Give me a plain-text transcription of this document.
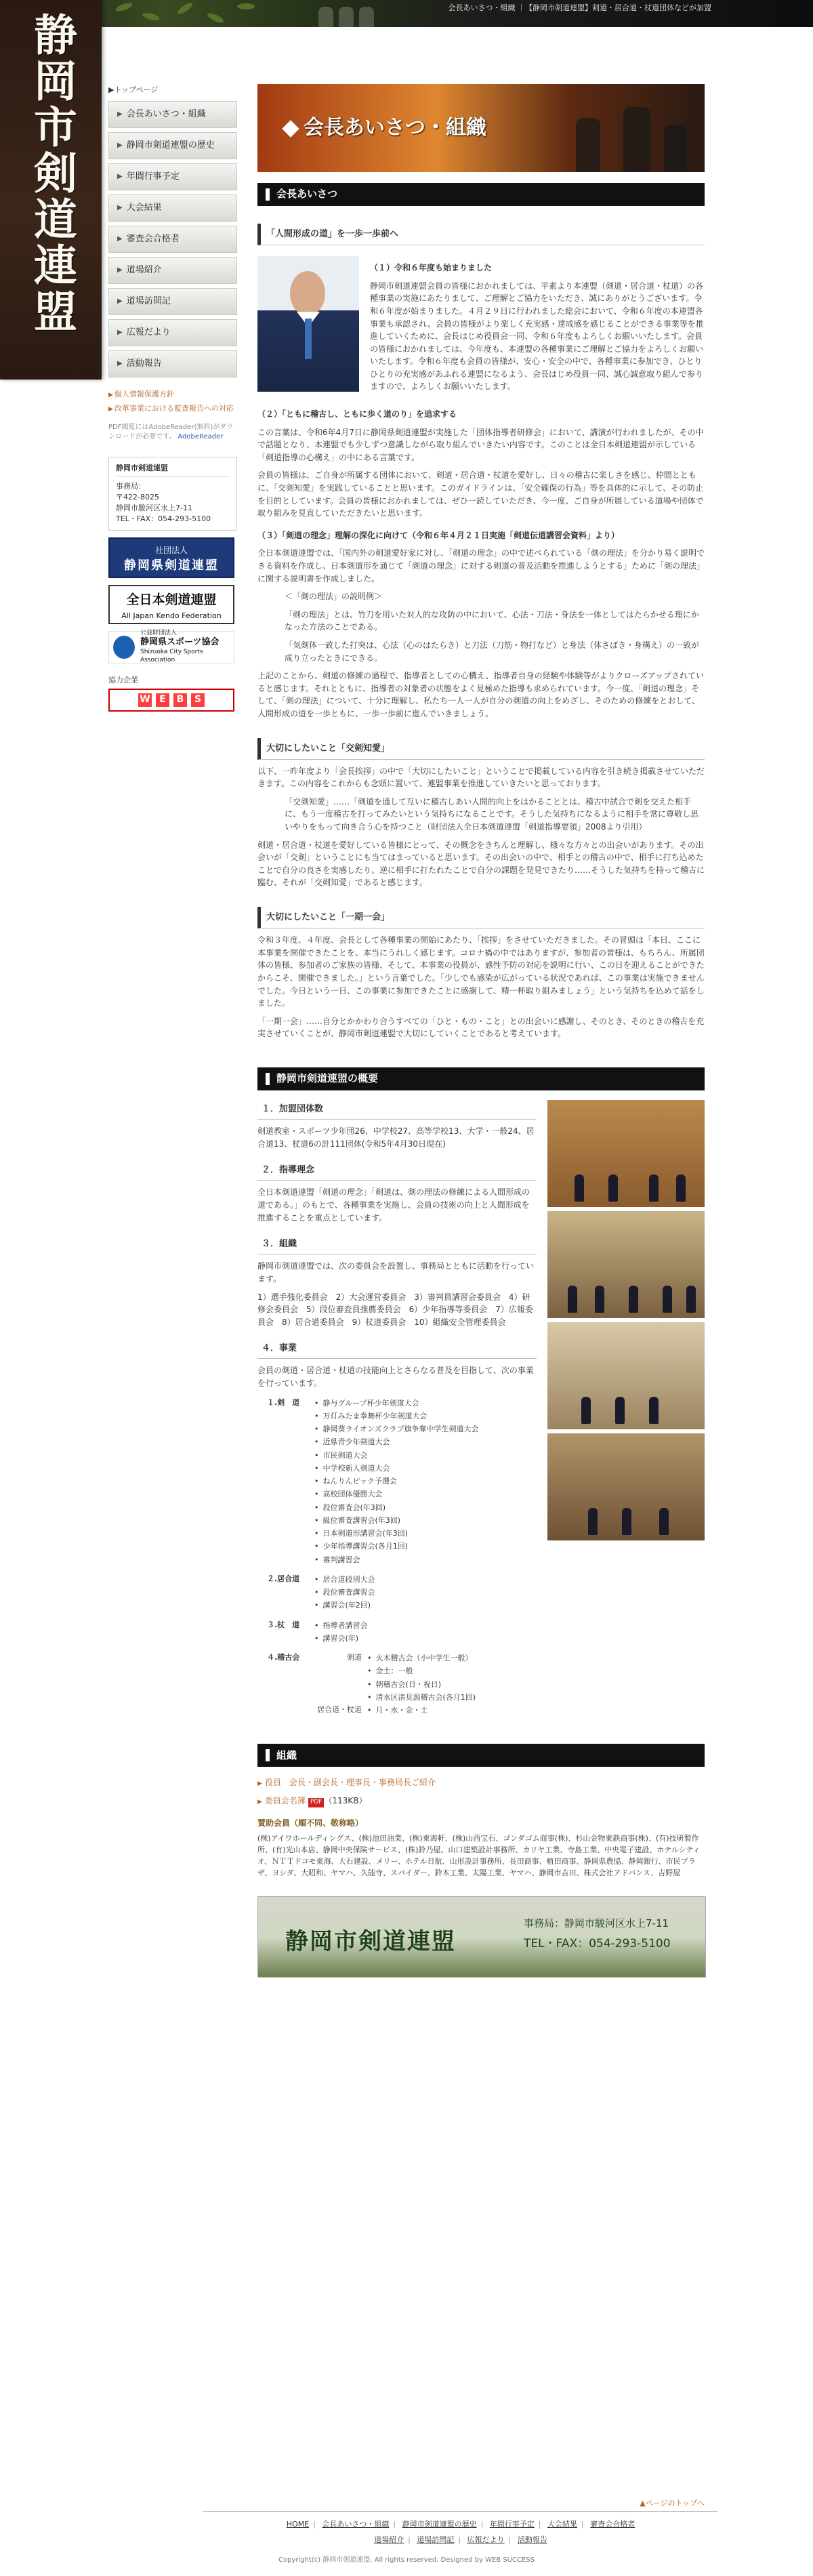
会長あいさつ・組織 ｜【静岡市剣道連盟】剣道・居合道・杖道団体などが加盟
静岡市剣道連盟	▶トップページ
▶ 会長あいさつ・組織
▶ 静岡市剣道連盟の歴史
▶ 年間行事予定
▶ 大会結果
▶ 審査会合格者
▶ 道場紹介
▶ 道場訪問記
▶ 広報だより
▶ 活動報告
▶ 個人情報保護方針
▶ 改革事業における監査報告への対応
PDF閲覧にはAdobeReader(無料)がダウンロードが必要です。 AdobeReader
静岡市剣道連盟
事務局：
〒422-8025
静岡市駿河区水上7-11
TEL・FAX：054-293-5100
社団法人
静岡県剣道連盟
全日本剣道連盟
All Japan Kendo Federation
公益財団法人
静岡県スポーツ協会
Shizuoka City Sports Association
協力企業
W E	B	S
会長あいさつ・組織
会長あいさつ
「人間形成の道」を一歩一歩前へ
（１）令和６年度も始まりました
静岡市剣道連盟会員の皆様におかれましては、平素より本連盟（剣道・居合道・杖道）の各種事業の実施にあたりまして、ご理解とご協力をいただき、誠にありがとうございます。令和６年度が始まりました。４月２９日に行われました総会において、令和６年度の本連盟各事業も承認され、会員の皆様がより楽しく充実感・達成感を感じることができる事業等を推進していくために、会長はじめ役員会一同、令和６年度もよろしくお願いいたします。会員の皆様におかれましては、今年度も、本連盟の各種事業にご理解とご協力をよろしくお願いいたします。令和６年度も会員の皆様が、安心・安全の中で、各種事業に参加でき、ひとりひとりの充実感があふれる連盟になるよう、会長はじめ役員一同、誠心誠意取り組んで参りますので、よろしくお願いいたします。
（２）「ともに稽古し、ともに歩く道のり」を追求する
この言葉は、令和6年4月7日に静岡県剣道連盟が実施した「団体指導者研修会」において、講演が行われましたが、その中で話題となり、本連盟でも少しずつ意識しながら取り組んでいきたい内容です。このことは全日本剣道連盟が示している「剣道指導の心構え」の中にある言葉です。
会員の皆様は、ご自身が所属する団体において、剣道・居合道・杖道を愛好し、日々の稽古に楽しさを感じ、仲間とともに、「交剣知愛」を実践していることと思います。このガイドラインは、「安全確保の行為」等を具体的に示して、その防止を目的としています。会員の皆様におかれましては、ぜひ一読していただき、今一度、ご自身が所属している道場や団体で取り組みを見直していただきたいと思います。
（３）「剣道の理念」理解の深化に向けて（令和６年４月２１日実施「剣道伝道講習会資料」より）
全日本剣道連盟では、「国内外の剣道愛好家に対し、「剣道の理念」の中で述べられている「剣の理法」を分かり易く説明できる資料を作成し、日本剣道形を通じて「剣道の理念」に対する剣道の普及活動を推進しようとする」ために「剣の理法」に関する説明書を作成しました。
＜「剣の理法」の説明例＞
「剣の理法」とは、竹刀を用いた対人的な攻防の中において、心法・刀法・身法を一体としてはたらかせる理にかなった方法のことである。
「気剣体一致した打突は、心法（心のはたらき）と刀法（刀筋・物打など）と身法（体さばき・身構え）の一致が成り立ったときにできる。
上記のことから、剣道の修練の過程で、指導者としての心構え、指導者自身の経験や体験等がよりクローズアップされていると感じます。それとともに、指導者の対象者の状態をよく見極めた指導も求められています。今一度、「剣道の理念」そして、「剣の理法」について、十分に理解し、私たち一人一人が自分の剣道の向上をめざし、そのための修練をとおして、人間形成の道を一歩ともに、一歩一歩前に進んでいきましょう。
大切にしたいこと「交剣知愛」
以下、一昨年度より「会長挨拶」の中で「大切にしたいこと」ということで掲載している内容を引き続き掲載させていただきます。この内容をこれからも念頭に置いて、連盟事業を推進していきたいと思っております。
「交剣知愛」……「剣道を通して互いに稽古しあい人間的向上をはかることとは、稽古中試合で剣を交えた相手に、もう一度稽古を打ってみたいという気持ちになることです。そうした気持ちになるように相手を常に尊敬し思いやりをもって向き合う心を持つこと（財団法人全日本剣道連盟「剣道指導要領」2008より引用）
剣道・居合道・杖道を愛好している皆様にとって、その概念をきちんと理解し、様々な方々との出会いがあります。その出会いが「交剣」ということにも当てはまっていると思います。その出会いの中で、相手との稽古の中で、相手に打ち込めたことで自分の良さを実感したり、逆に相手に打たれたことで自分の課題を発見できたり……そうした気持ちを持って稽古に臨む、それが「交剣知愛」であると感じます。
大切にしたいこと「一期一会」
令和３年度、４年度、会長として各種事業の開始にあたり、「挨拶」をさせていただきました。その冒頭は「本日、ここに本事業を開催できたことを、本当にうれしく感じます。コロナ禍の中ではありますが、参加者の皆様は、もちろん、所属団体の皆様、参加者のご家族の皆様、そして、本事業の役員が、感性予防の対応を説明に行い、この日を迎えることができたからこそ、開催できました。」という言葉でした。「少しでも感染が広がっている状況であれば、この事業は実施できませんでした。今日という一日、この事業に参加できたことに感謝して、精一杯取り組みましょう」という気持ちを込めて話をしました。
「一期一会」……自分とかかわり合うすべての「ひと・もの・こと」との出会いに感謝し、そのとき、そのときの稽古を充実させていくことが、静岡市剣道連盟で大切にしていくことであると考えています。
静岡市剣道連盟の概要
１．加盟団体数
剣道教室・スポーツ少年団26、中学校27、高等学校13、大学・一般24、居合道13、杖道6の計111団体(令和5年4月30日現在)
２．指導理念
全日本剣道連盟「剣道の理念」「剣道は、剣の理法の修練による人間形成の道である。」のもとで、各種事業を実施し、会員の技術の向上と人間形成を推進することを重点としています。
３．組織
静岡市剣道連盟では、次の委員会を設置し、事務局とともに活動を行っています。
1）選手強化委員会　2）大会運営委員会　3）審判員講習会委員会　4）研修会委員会　5）段位審査員推薦委員会　6）少年指導等委員会　7）広報委員会　8）居合道委員会　9）杖道委員会　10）組織安全管理委員会
４．事業
会員の剣道・居合道・杖道の技能向上とさらなる普及を目指して、次の事業を行っています。
１.剣　道	• 静与グループ杯少年剣道大会
• 万灯みたま拳舞杯少年剣道大会
• 静岡葵ライオンズクラブ旗争奪中学生剣道大会
• 近県青少年剣道大会
• 市民剣道大会
• 中学校新人剣道大会
• ねんりんピック予選会
• 高校団体優勝大会
• 段位審査会(年3回)
• 級位審査講習会(年3回)
• 日本剣道形講習会(年3回)
• 少年指導講習会(各月1回)
• 審判講習会
２.居合道	• 居合道段別大会
• 段位審査講習会
• 講習会(年2回)
３.杖　道	• 指導者講習会
• 講習会(年)
４.稽古会	剣道	• 火木稽古会（小中学生一般）
• 金土：一般
• 朝稽古会(日・祝日)
• 清水区清見潟稽古会(各月1回)
居合道・杖道	• 月・水・金・土
組織
▶ 役員　会長・副会長・理事長・事務局長ご紹介
▶ 委員会名簿 PDF （113KB）
賛助会員（順不同、敬称略）
(株)アイワホールディングス、(株)池田油業、(株)東海軒、(株)山西宝石、ゴンダゴム商事(株)、杉山金物東鉄商事(株)、(有)技研製作所、(有)光山本店、静岡中央保険サービス、(株)鈴乃屋、山口建築設計事務所、カリヤ工業、寺島工業、中央電子建設、ホテルシティオ、ＮＴＴドコモ東海、大石建設、メリー、ホテル日航、山形設計事務所、長田商事、植田商事、静岡県農協、静岡銀行、市民プラザ、ヨシダ、大昭和、ヤマハ、久能寺、スパイダー、鈴木工業、太陽工業、ヤマハ、静岡市吉田、株式会社アドバンス、吉野屋
静岡市剣道連盟
事務局：静岡市駿河区水上7-11
TEL・FAX：054-293-5100
▲ページのトップへ
HOME | 会長あいさつ・組織 | 静岡市剣道連盟の歴史 | 年間行事予定 | 大会結果 | 審査会合格者
道場紹介 | 道場訪問記 | 広報だより | 活動報告
Copyright(c) 静岡市剣道連盟. All rights reserved. Designed by WEB SUCCESS
